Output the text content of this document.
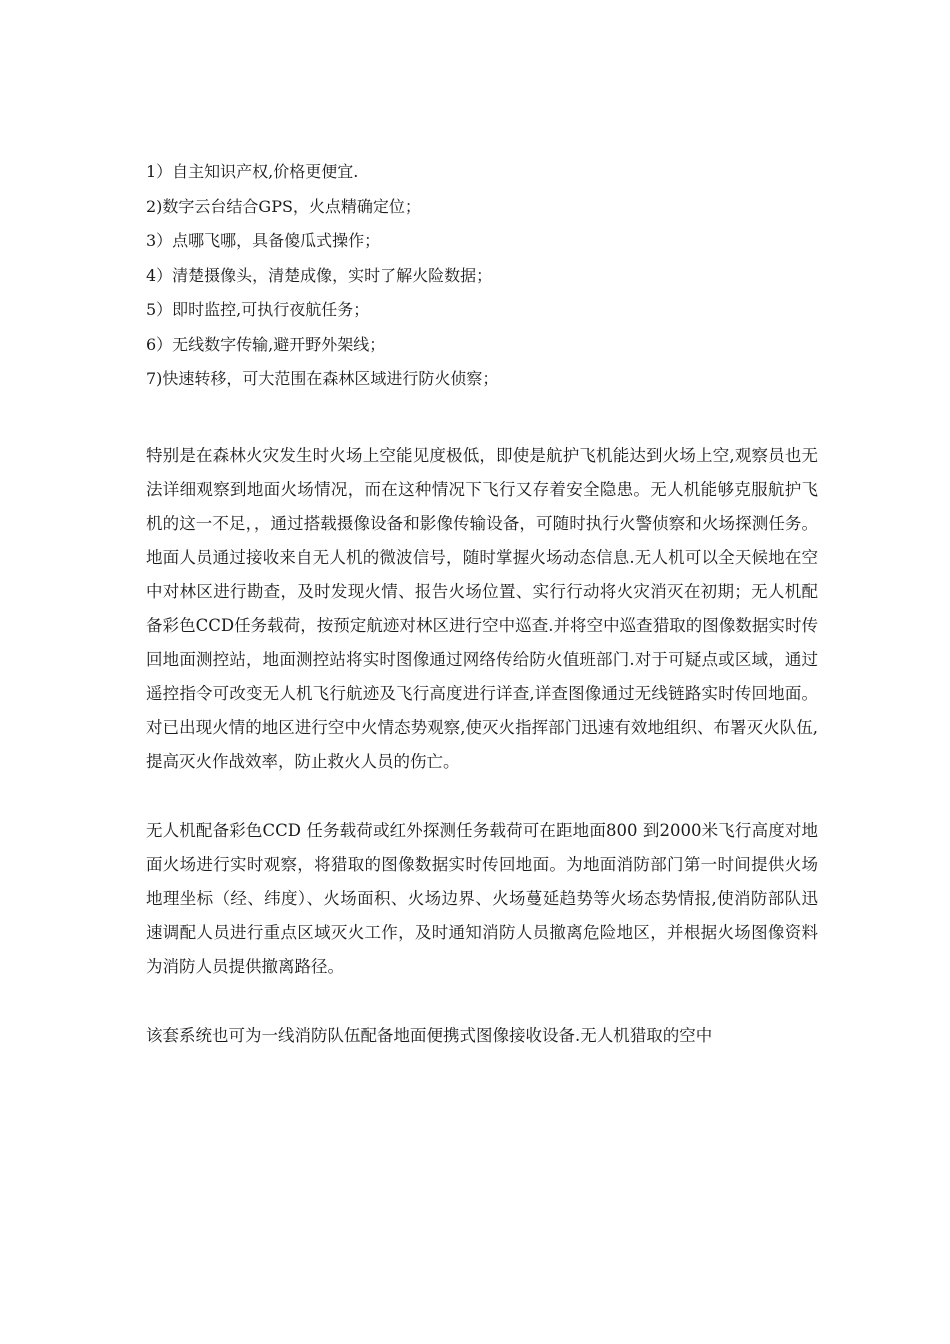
1）自主知识产权,价格更便宜.
2)数字云台结合GPS，火点精确定位；
3）点哪飞哪，具备傻瓜式操作；
4）清楚摄像头，清楚成像，实时了解火险数据；
5）即时监控,可执行夜航任务；
6）无线数字传输,避开野外架线；
7)快速转移，可大范围在森林区域进行防火侦察；

特别是在森林火灾发生时火场上空能见度极低，即使是航护飞机能达到火场上空,观察员也无法详细观察到地面火场情况，而在这种情况下飞行又存着安全隐患。无人机能够克服航护飞机的这一不足，，通过搭载摄像设备和影像传输设备，可随时执行火警侦察和火场探测任务。地面人员通过接收来自无人机的微波信号，随时掌握火场动态信息.无人机可以全天候地在空中对林区进行勘查，及时发现火情、报告火场位置、实行行动将火灾消灭在初期；无人机配备彩色CCD任务载荷，按预定航迹对林区进行空中巡查.并将空中巡查猎取的图像数据实时传回地面测控站，地面测控站将实时图像通过网络传给防火值班部门.对于可疑点或区域，通过遥控指令可改变无人机飞行航迹及飞行高度进行详查,详查图像通过无线链路实时传回地面。对已出现火情的地区进行空中火情态势观察,使灭火指挥部门迅速有效地组织、布署灭火队伍,提高灭火作战效率，防止救火人员的伤亡。

无人机配备彩色CCD 任务载荷或红外探测任务载荷可在距地面800 到2000米飞行高度对地面火场进行实时观察，将猎取的图像数据实时传回地面。为地面消防部门第一时间提供火场地理坐标（经、纬度）、火场面积、火场边界、火场蔓延趋势等火场态势情报,使消防部队迅速调配人员进行重点区域灭火工作，及时通知消防人员撤离危险地区，并根据火场图像资料为消防人员提供撤离路径。

该套系统也可为一线消防队伍配备地面便携式图像接收设备.无人机猎取的空中
